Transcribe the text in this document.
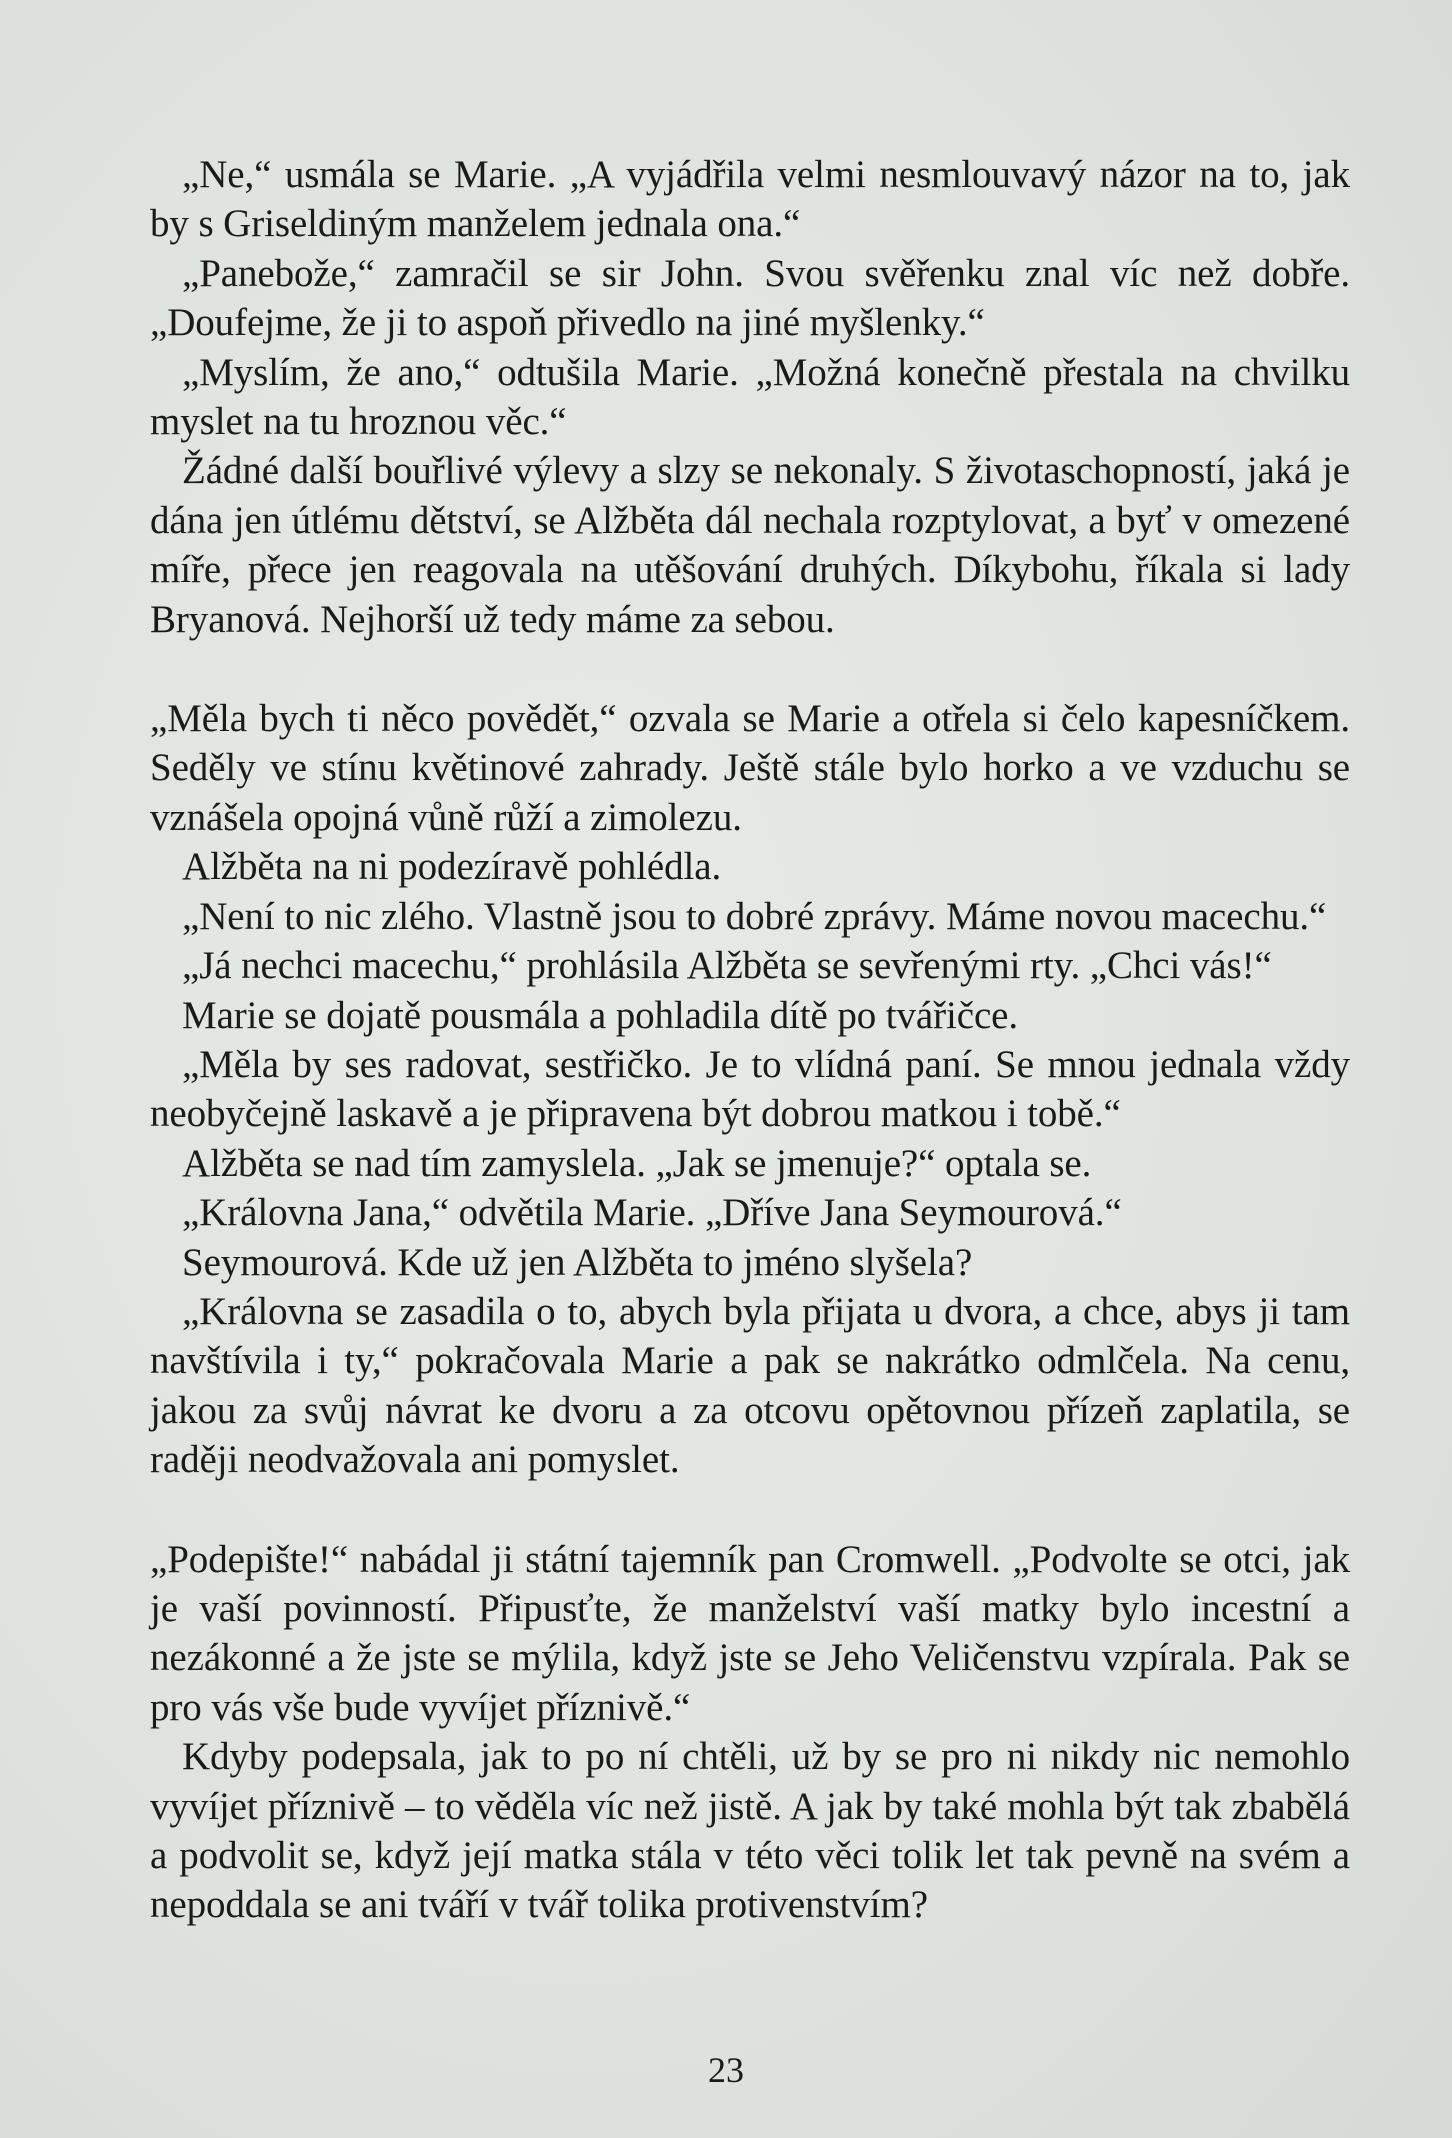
„Ne,“ usmála se Marie. „A vyjádřila velmi nesmlouvavý názor na to, jak by s Griseldiným manželem jednala ona.“

„Panebože,“ zamračil se sir John. Svou svěřenku znal víc než dobře. „Doufejme, že ji to aspoň přivedlo na jiné myšlenky.“

„Myslím, že ano,“ odtušila Marie. „Možná konečně přestala na chvilku myslet na tu hroznou věc.“

Žádné další bouřlivé výlevy a slzy se nekonaly. S životaschopností, jaká je dána jen útlému dětství, se Alžběta dál nechala rozptylovat, a byť v omezené míře, přece jen reagovala na utěšování druhých. Díkybohu, říkala si lady Bryanová. Nejhorší už tedy máme za sebou.

„Měla bych ti něco povědět,“ ozvala se Marie a otřela si čelo kapesníčkem. Seděly ve stínu květinové zahrady. Ještě stále bylo horko a ve vzduchu se vznášela opojná vůně růží a zimolezu.

Alžběta na ni podezíravě pohlédla.

„Není to nic zlého. Vlastně jsou to dobré zprávy. Máme novou macechu.“

„Já nechci macechu,“ prohlásila Alžběta se sevřenými rty. „Chci vás!“

Marie se dojatě pousmála a pohladila dítě po tvářičce.

„Měla by ses radovat, sestřičko. Je to vlídná paní. Se mnou jednala vždy neobyčejně laskavě a je připravena být dobrou matkou i tobě.“

Alžběta se nad tím zamyslela. „Jak se jmenuje?“ optala se.

„Královna Jana,“ odvětila Marie. „Dříve Jana Seymourová.“

Seymourová. Kde už jen Alžběta to jméno slyšela?

„Královna se zasadila o to, abych byla přijata u dvora, a chce, abys ji tam navštívila i ty,“ pokračovala Marie a pak se nakrátko odmlčela. Na cenu, jakou za svůj návrat ke dvoru a za otcovu opětovnou přízeň zaplatila, se raději neodvažovala ani pomyslet.

„Podepište!“ nabádal ji státní tajemník pan Cromwell. „Podvolte se otci, jak je vaší povinností. Připusťte, že manželství vaší matky bylo incestní a nezákonné a že jste se mýlila, když jste se Jeho Veličenstvu vzpírala. Pak se pro vás vše bude vyvíjet příznivě.“

Kdyby podepsala, jak to po ní chtěli, už by se pro ni nikdy nic nemohlo vyvíjet příznivě – to věděla víc než jistě. A jak by také mohla být tak zbabělá a podvolit se, když její matka stála v této věci tolik let tak pevně na svém a nepoddala se ani tváří v tvář tolika protivenstvím?

23
